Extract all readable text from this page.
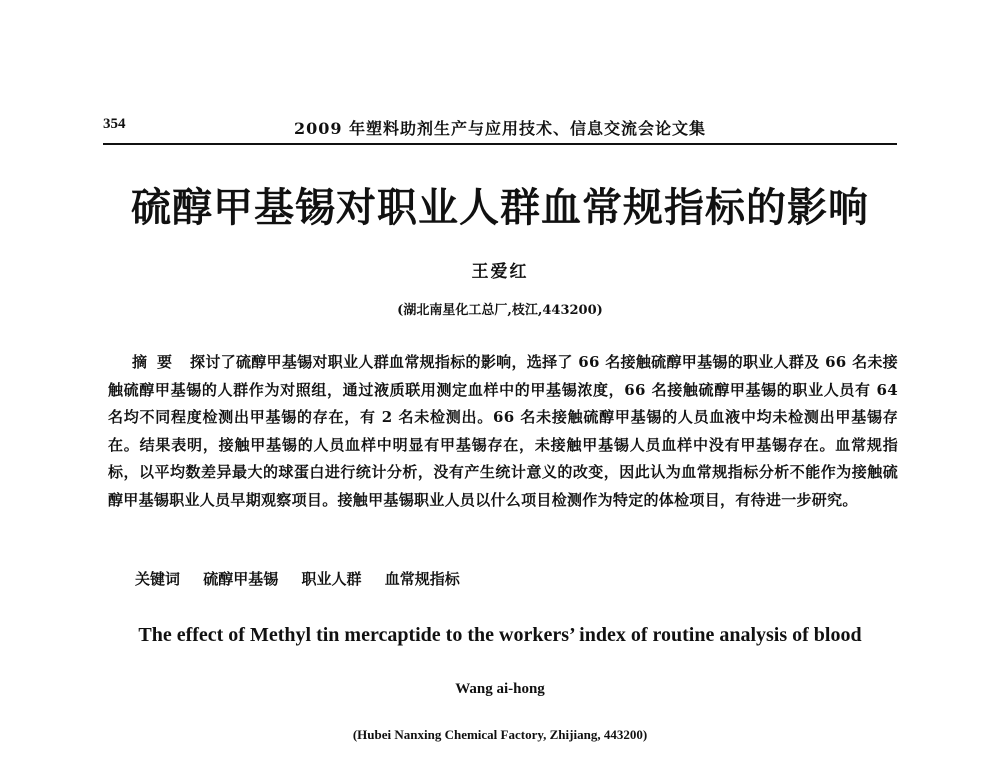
354	2009 年塑料助剂生产与应用技术、信息交流会论文集
硫醇甲基锡对职业人群血常规指标的影响
王爱红
(湖北南星化工总厂,枝江,443200)
摘要 探讨了硫醇甲基锡对职业人群血常规指标的影响，选择了 66 名接触硫醇甲基锡的职业人群及 66 名未接触硫醇甲基锡的人群作为对照组，通过液质联用测定血样中的甲基锡浓度，66 名接触硫醇甲基锡的职业人员有 64 名均不同程度检测出甲基锡的存在，有 2 名未检测出。66 名未接触硫醇甲基锡的人员血液中均未检测出甲基锡存在。结果表明，接触甲基锡的人员血样中明显有甲基锡存在，未接触甲基锡人员血样中没有甲基锡存在。血常规指标，以平均数差异最大的球蛋白进行统计分析，没有产生统计意义的改变，因此认为血常规指标分析不能作为接触硫醇甲基锡职业人员早期观察项目。接触甲基锡职业人员以什么项目检测作为特定的体检项目，有待进一步研究。
关键词 硫醇甲基锡 职业人群 血常规指标
The effect of Methyl tin mercaptide to the workers’ index of routine analysis of blood
Wang ai-hong
(Hubei Nanxing Chemical Factory, Zhijiang, 443200)
